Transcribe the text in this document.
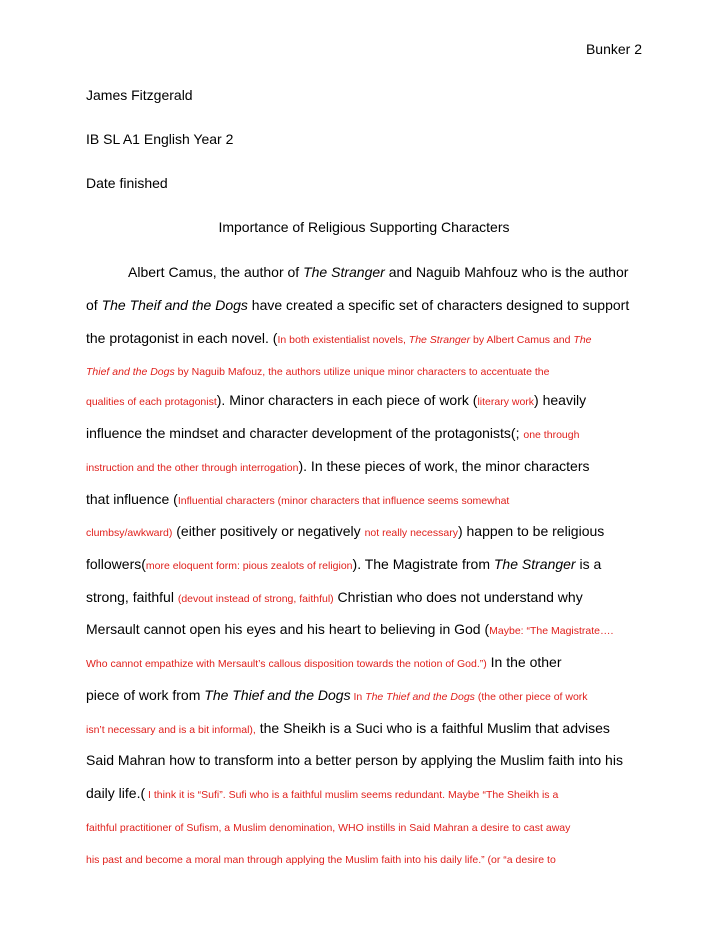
Bunker 2
James Fitzgerald
IB SL A1 English Year 2
Date finished
Importance of Religious Supporting Characters
Albert Camus, the author of The Stranger and Naguib Mahfouz who is the author
of The Theif and the Dogs have created a specific set of characters designed to support
the protagonist in each novel. (In both existentialist novels, The Stranger by Albert Camus and The
Thief and the Dogs by Naguib Mafouz, the authors utilize unique minor characters to accentuate the
qualities of each protagonist). Minor characters in each piece of work (literary work) heavily
influence the mindset and character development of the protagonists(; one through
instruction and the other through interrogation). In these pieces of work, the minor characters
that influence (Influential characters (minor characters that influence seems somewhat
clumbsy/awkward) (either positively or negatively not really necessary) happen to be religious
followers(more eloquent form: pious zealots of religion). The Magistrate from The Stranger is a
strong, faithful (devout instead of strong, faithful) Christian who does not understand why
Mersault cannot open his eyes and his heart to believing in God (Maybe: “The Magistrate….
Who cannot empathize with Mersault’s callous disposition towards the notion of God.”) In the other
piece of work from The Thief and the Dogs In The Thief and the Dogs (the other piece of work
isn’t necessary and is a bit informal), the Sheikh is a Suci who is a faithful Muslim that advises
Said Mahran how to transform into a better person by applying the Muslim faith into his
daily life.( I think it is “Sufi”. Sufi who is a faithful muslim seems redundant. Maybe “The Sheikh is a
faithful practitioner of Sufism, a Muslim denomination, WHO instills in Said Mahran a desire to cast away
his past and become a moral man through applying the Muslim faith into his daily life.” (or “a desire to
